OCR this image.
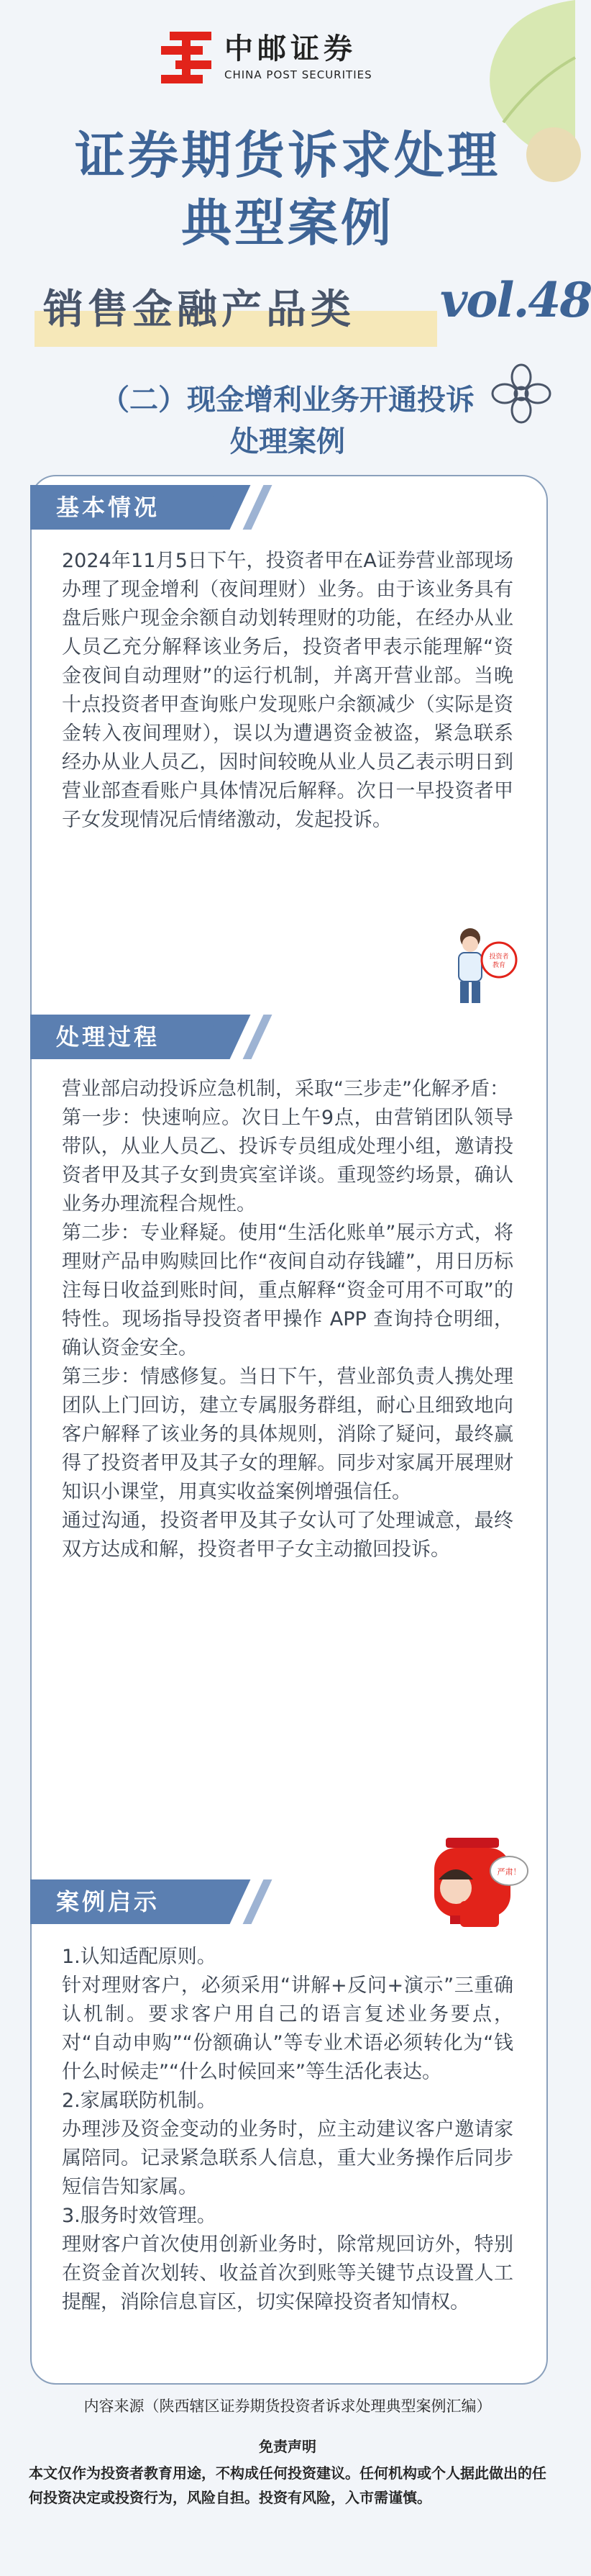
中邮证券
CHINA POST SECURITIES
证券期货诉求处理
典型案例
销售金融产品类 vol.48
（二）现金增利业务开通投诉
处理案例
基本情况
2024年11月5日下午，投资者甲在A证券营业部现场办理了现金增利（夜间理财）业务。由于该业务具有盘后账户现金余额自动划转理财的功能，在经办从业人员乙充分解释该业务后，投资者甲表示能理解“资金夜间自动理财”的运行机制，并离开营业部。当晚十点投资者甲查询账户发现账户余额减少（实际是资金转入夜间理财），误以为遭遇资金被盗，紧急联系经办从业人员乙，因时间较晚从业人员乙表示明日到营业部查看账户具体情况后解释。次日一早投资者甲子女发现情况后情绪激动，发起投诉。
投资者
教育
处理过程

营业部启动投诉应急机制，采取“三步走”化解矛盾：

第一步：快速响应。次日上午9点，由营销团队领导带队，从业人员乙、投诉专员组成处理小组，邀请投资者甲及其子女到贵宾室详谈。重现签约场景，确认业务办理流程合规性。

第二步：专业释疑。使用“生活化账单”展示方式，将理财产品申购赎回比作“夜间自动存钱罐”，用日历标注每日收益到账时间，重点解释“资金可用不可取”的特性。现场指导投资者甲操作 APP 查询持仓明细，确认资金安全。

第三步：情感修复。当日下午，营业部负责人携处理团队上门回访，建立专属服务群组，耐心且细致地向客户解释了该业务的具体规则，消除了疑问，最终赢得了投资者甲及其子女的理解。同步对家属开展理财知识小课堂，用真实收益案例增强信任。

通过沟通，投资者甲及其子女认可了处理诚意，最终双方达成和解，投资者甲子女主动撤回投诉。

严肃！
案例启示

1.认知适配原则。

针对理财客户，必须采用“讲解+反问+演示”三重确认机制。要求客户用自己的语言复述业务要点，对“自动申购”“份额确认”等专业术语必须转化为“钱什么时候走”“什么时候回来”等生活化表达。

2.家属联防机制。

办理涉及资金变动的业务时，应主动建议客户邀请家属陪同。记录紧急联系人信息，重大业务操作后同步短信告知家属。

3.服务时效管理。

理财客户首次使用创新业务时，除常规回访外，特别在资金首次划转、收益首次到账等关键节点设置人工提醒，消除信息盲区，切实保障投资者知情权。

内容来源（陕西辖区证券期货投资者诉求处理典型案例汇编）
免责声明
本文仅作为投资者教育用途，不构成任何投资建议。任何机构或个人据此做出的任何投资决定或投资行为，风险自担。投资有风险，入市需谨慎。
